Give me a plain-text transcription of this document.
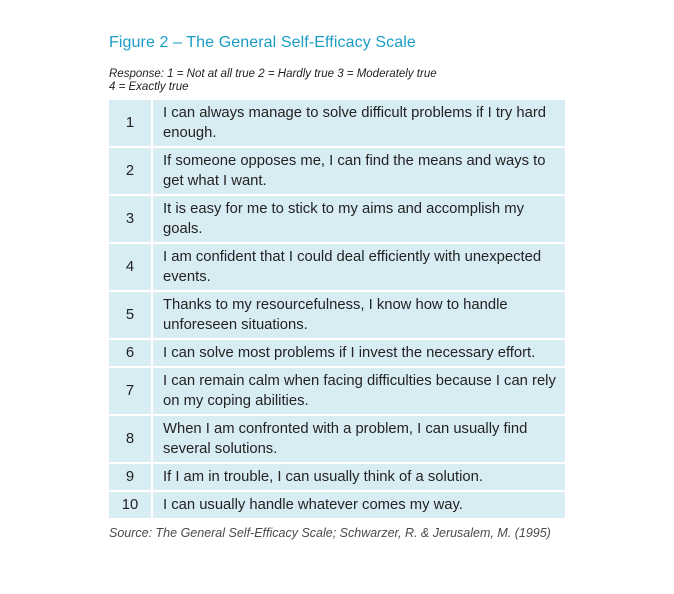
Figure 2 – The General Self-Efficacy Scale
Response: 1 = Not at all true 2 = Hardly true 3 = Moderately true
4 = Exactly true
1	I can always manage to solve difficult problems if I try hard enough.
2	If someone opposes me, I can find the means and ways to get what I want.
3	It is easy for me to stick to my aims and accomplish my goals.
4	I am confident that I could deal efficiently with unexpected events.
5	Thanks to my resourcefulness, I know how to handle unforeseen situations.
6	I can solve most problems if I invest the necessary effort.
7	I can remain calm when facing difficulties because I can rely on my coping abilities.
8	When I am confronted with a problem, I can usually find several solutions.
9	If I am in trouble, I can usually think of a solution.
10	I can usually handle whatever comes my way.
Source: The General Self-Efficacy Scale; Schwarzer, R. & Jerusalem, M. (1995)
